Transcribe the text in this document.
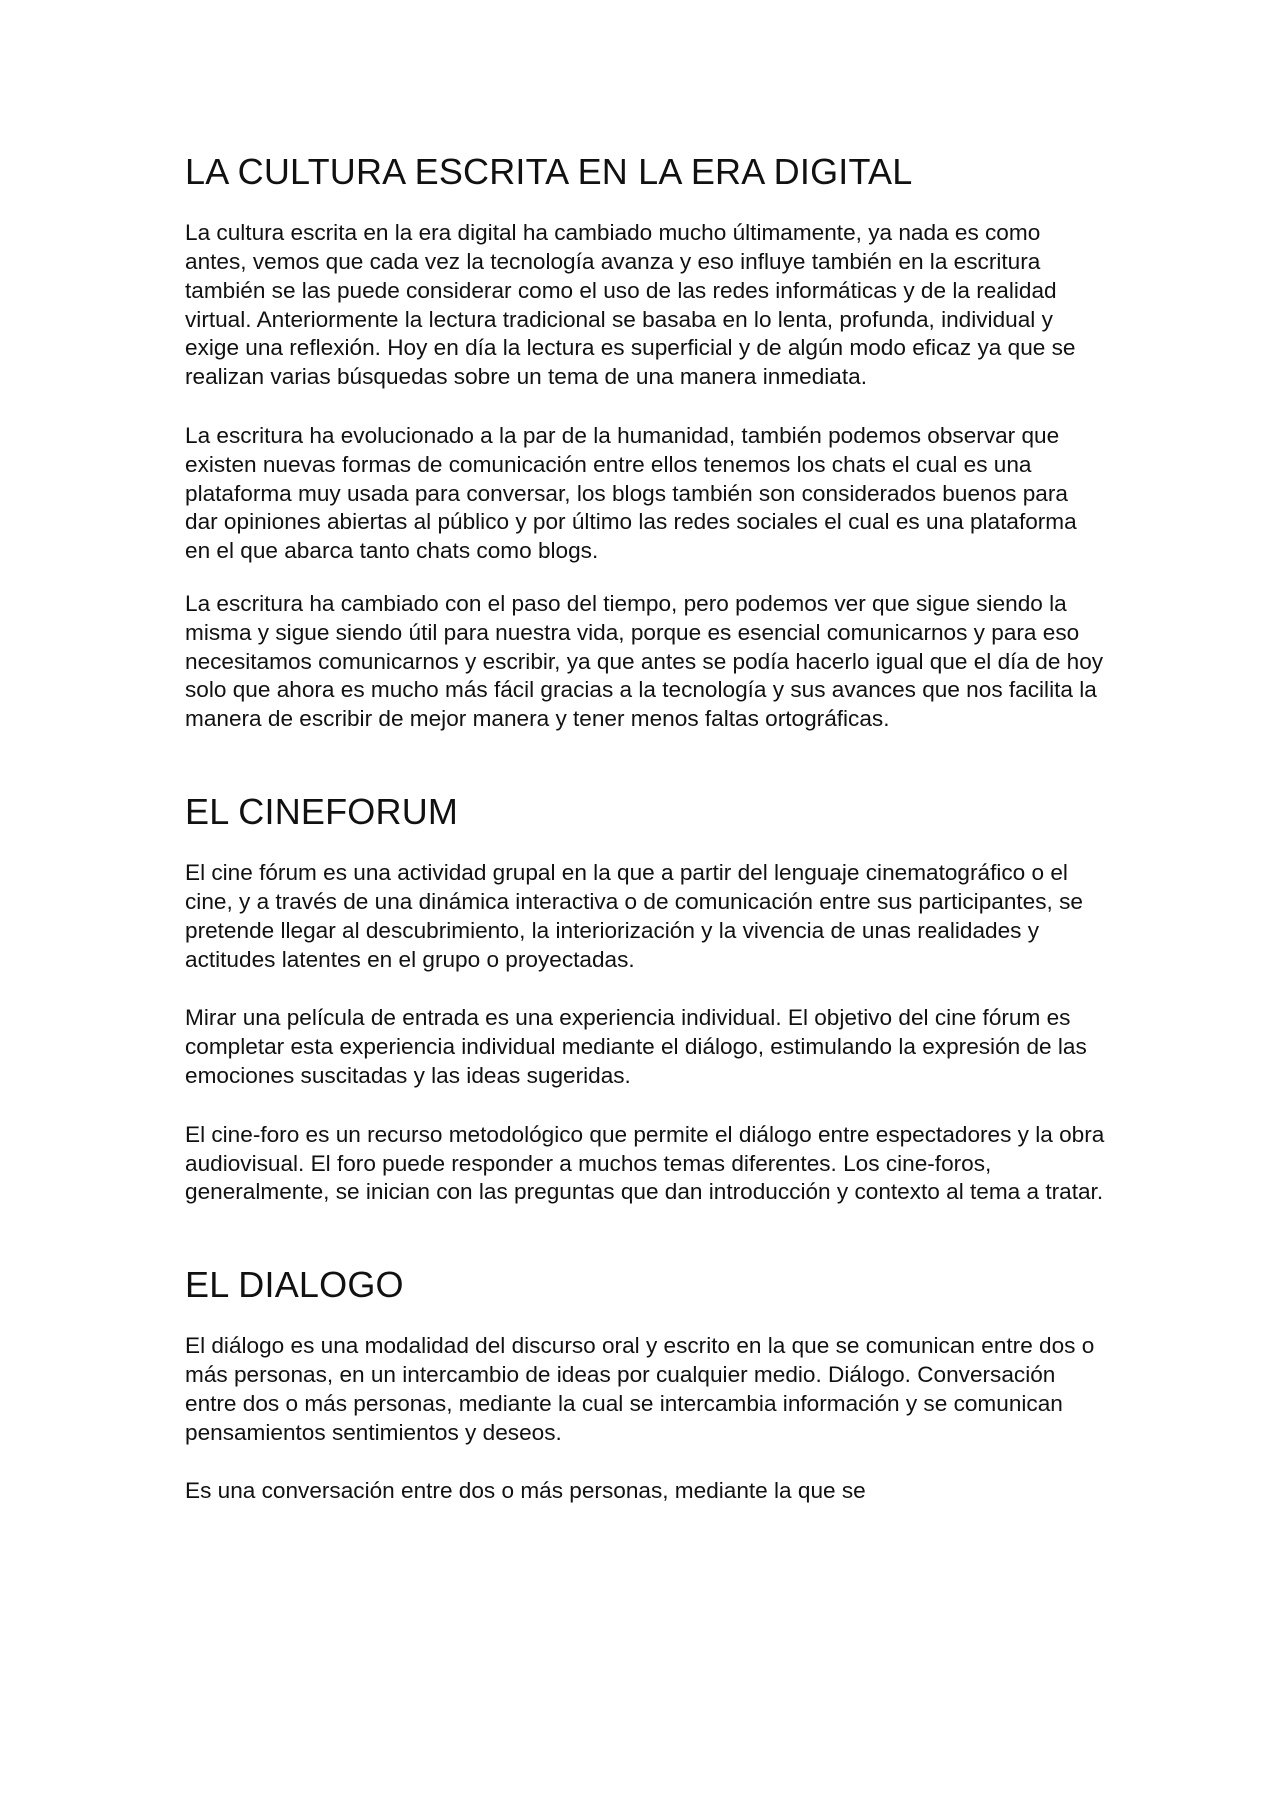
LA CULTURA ESCRITA EN LA ERA DIGITAL

La cultura escrita en la era digital ha cambiado mucho últimamente, ya nada es como antes, vemos que cada vez la tecnología avanza y eso influye también en la escritura también se las puede considerar como el uso de las redes informáticas y de la realidad virtual. Anteriormente la lectura tradicional se basaba en lo lenta, profunda, individual y exige una reflexión. Hoy en día la lectura es superficial y de algún modo eficaz ya que se realizan varias búsquedas sobre un tema de una manera inmediata.

La escritura ha evolucionado a la par de la humanidad, también podemos observar que existen nuevas formas de comunicación entre ellos tenemos los chats el cual es una plataforma muy usada para conversar, los blogs también son considerados buenos para dar opiniones abiertas al público y por último las redes sociales el cual es una plataforma en el que abarca tanto chats como blogs.

La escritura ha cambiado con el paso del tiempo, pero podemos ver que sigue siendo la misma y sigue siendo útil para nuestra vida, porque es esencial comunicarnos y para eso necesitamos comunicarnos y escribir, ya que antes se podía hacerlo igual que el día de hoy solo que ahora es mucho más fácil gracias a la tecnología y sus avances que nos facilita la manera de escribir de mejor manera y tener menos faltas ortográficas.

EL CINEFORUM

El cine fórum es una actividad grupal en la que a partir del lenguaje cinematográfico o el cine, y a través de una dinámica interactiva o de comunicación entre sus participantes, se pretende llegar al descubrimiento, la interiorización y la vivencia de unas realidades y actitudes latentes en el grupo o proyectadas.

Mirar una película de entrada es una experiencia individual. El objetivo del cine fórum es completar esta experiencia individual mediante el diálogo, estimulando la expresión de las emociones suscitadas y las ideas sugeridas.

El cine-foro es un recurso metodológico que permite el diálogo entre espectadores y la obra audiovisual. El foro puede responder a muchos temas diferentes. Los cine-foros, generalmente, se inician con las preguntas que dan introducción y contexto al tema a tratar.

EL DIALOGO

El diálogo es una modalidad del discurso oral y escrito en la que se comunican entre dos o más personas, en un intercambio de ideas por cualquier medio. Diálogo. Conversación entre dos o más personas, mediante la cual se intercambia información y se comunican pensamientos sentimientos y deseos.

Es una conversación entre dos o más personas, mediante la que se
